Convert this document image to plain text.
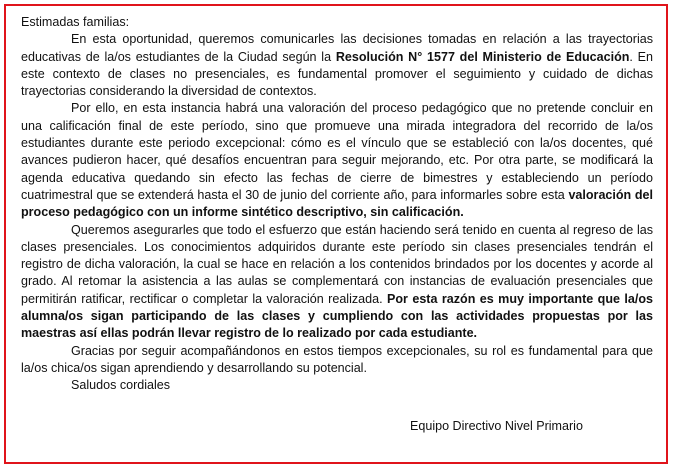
Estimadas familias:

En esta oportunidad, queremos comunicarles las decisiones tomadas en relación a las trayectorias educativas de la/os estudiantes de la Ciudad según la Resolución N° 1577 del Ministerio de Educación. En este contexto de clases no presenciales, es fundamental promover el seguimiento y cuidado de dichas trayectorias considerando la diversidad de contextos.

Por ello, en esta instancia habrá una valoración del proceso pedagógico que no pretende concluir en una calificación final de este período, sino que promueve una mirada integradora del recorrido de la/os estudiantes durante este periodo excepcional: cómo es el vínculo que se estableció con la/os docentes, qué avances pudieron hacer, qué desafíos encuentran para seguir mejorando, etc. Por otra parte, se modificará la agenda educativa quedando sin efecto las fechas de cierre de bimestres y estableciendo un período cuatrimestral que se extenderá hasta el 30 de junio del corriente año, para informarles sobre esta valoración del proceso pedagógico con un informe sintético descriptivo, sin calificación.

Queremos asegurarles que todo el esfuerzo que están haciendo será tenido en cuenta al regreso de las clases presenciales. Los conocimientos adquiridos durante este período sin clases presenciales tendrán el registro de dicha valoración, la cual se hace en relación a los contenidos brindados por los docentes y acorde al grado. Al retomar la asistencia a las aulas se complementará con instancias de evaluación presenciales que permitirán ratificar, rectificar o completar la valoración realizada. Por esta razón es muy importante que la/os alumna/os sigan participando de las clases y cumpliendo con las actividades propuestas por las maestras así ellas podrán llevar registro de lo realizado por cada estudiante.

Gracias por seguir acompañándonos en estos tiempos excepcionales, su rol es fundamental para que la/os chica/os sigan aprendiendo y desarrollando su potencial.

Saludos cordiales

Equipo Directivo Nivel Primario
